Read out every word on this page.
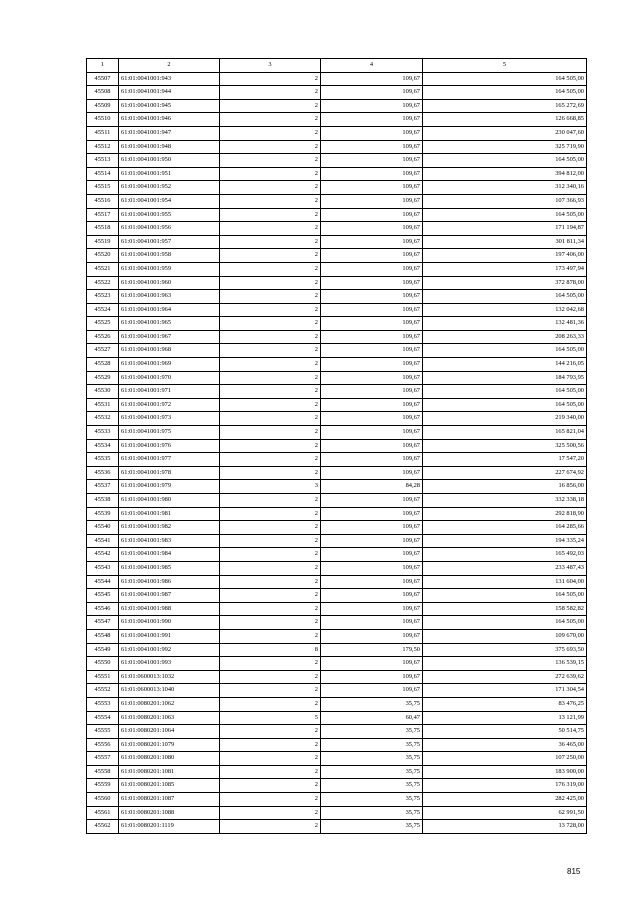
1	2	3	4	5
45507	61:01:0041001:943	2	109,67	164 505,00
45508	61:01:0041001:944	2	109,67	164 505,00
45509	61:01:0041001:945	2	109,67	165 272,69
45510	61:01:0041001:946	2	109,67	126 668,85
45511	61:01:0041001:947	2	109,67	230 047,60
45512	61:01:0041001:948	2	109,67	325 719,90
45513	61:01:0041001:950	2	109,67	164 505,00
45514	61:01:0041001:951	2	109,67	394 812,00
45515	61:01:0041001:952	2	109,67	312 340,16
45516	61:01:0041001:954	2	109,67	107 366,93
45517	61:01:0041001:955	2	109,67	164 505,00
45518	61:01:0041001:956	2	109,67	171 194,87
45519	61:01:0041001:957	2	109,67	301 811,34
45520	61:01:0041001:958	2	109,67	197 406,00
45521	61:01:0041001:959	2	109,67	173 497,94
45522	61:01:0041001:960	2	109,67	372 878,00
45523	61:01:0041001:963	2	109,67	164 505,00
45524	61:01:0041001:964	2	109,67	132 042,68
45525	61:01:0041001:965	2	109,67	132 481,36
45526	61:01:0041001:967	2	109,67	208 263,33
45527	61:01:0041001:968	2	109,67	164 505,00
45528	61:01:0041001:969	2	109,67	144 216,05
45529	61:01:0041001:970	2	109,67	184 793,95
45530	61:01:0041001:971	2	109,67	164 505,00
45531	61:01:0041001:972	2	109,67	164 505,00
45532	61:01:0041001:973	2	109,67	219 340,00
45533	61:01:0041001:975	2	109,67	165 821,04
45534	61:01:0041001:976	2	109,67	325 500,56
45535	61:01:0041001:977	2	109,67	17 547,20
45536	61:01:0041001:978	2	109,67	227 674,92
45537	61:01:0041001:979	3	84,28	16 856,00
45538	61:01:0041001:980	2	109,67	332 338,18
45539	61:01:0041001:981	2	109,67	292 818,90
45540	61:01:0041001:982	2	109,67	164 285,66
45541	61:01:0041001:983	2	109,67	194 335,24
45542	61:01:0041001:984	2	109,67	165 492,03
45543	61:01:0041001:985	2	109,67	233 487,43
45544	61:01:0041001:986	2	109,67	131 604,00
45545	61:01:0041001:987	2	109,67	164 505,00
45546	61:01:0041001:988	2	109,67	158 582,82
45547	61:01:0041001:990	2	109,67	164 505,00
45548	61:01:0041001:991	2	109,67	109 670,00
45549	61:01:0041001:992	8	179,50	375 693,50
45550	61:01:0041001:993	2	109,67	136 539,15
45551	61:01:0600013:1032	2	109,67	272 639,62
45552	61:01:0600013:1040	2	109,67	171 304,54
45553	61:01:0080201:1062	2	35,75	83 476,25
45554	61:01:0080201:1063	5	60,47	13 121,99
45555	61:01:0080201:1064	2	35,75	50 514,75
45556	61:01:0080201:1079	2	35,75	36 465,00
45557	61:01:0080201:1080	2	35,75	107 250,00
45558	61:01:0080201:1081	2	35,75	183 900,00
45559	61:01:0080201:1085	2	35,75	176 319,00
45560	61:01:0080201:1087	2	35,75	282 425,00
45561	61:01:0080201:1088	2	35,75	62 991,50
45562	61:01:0080201:1119	2	35,75	13 728,00
815
